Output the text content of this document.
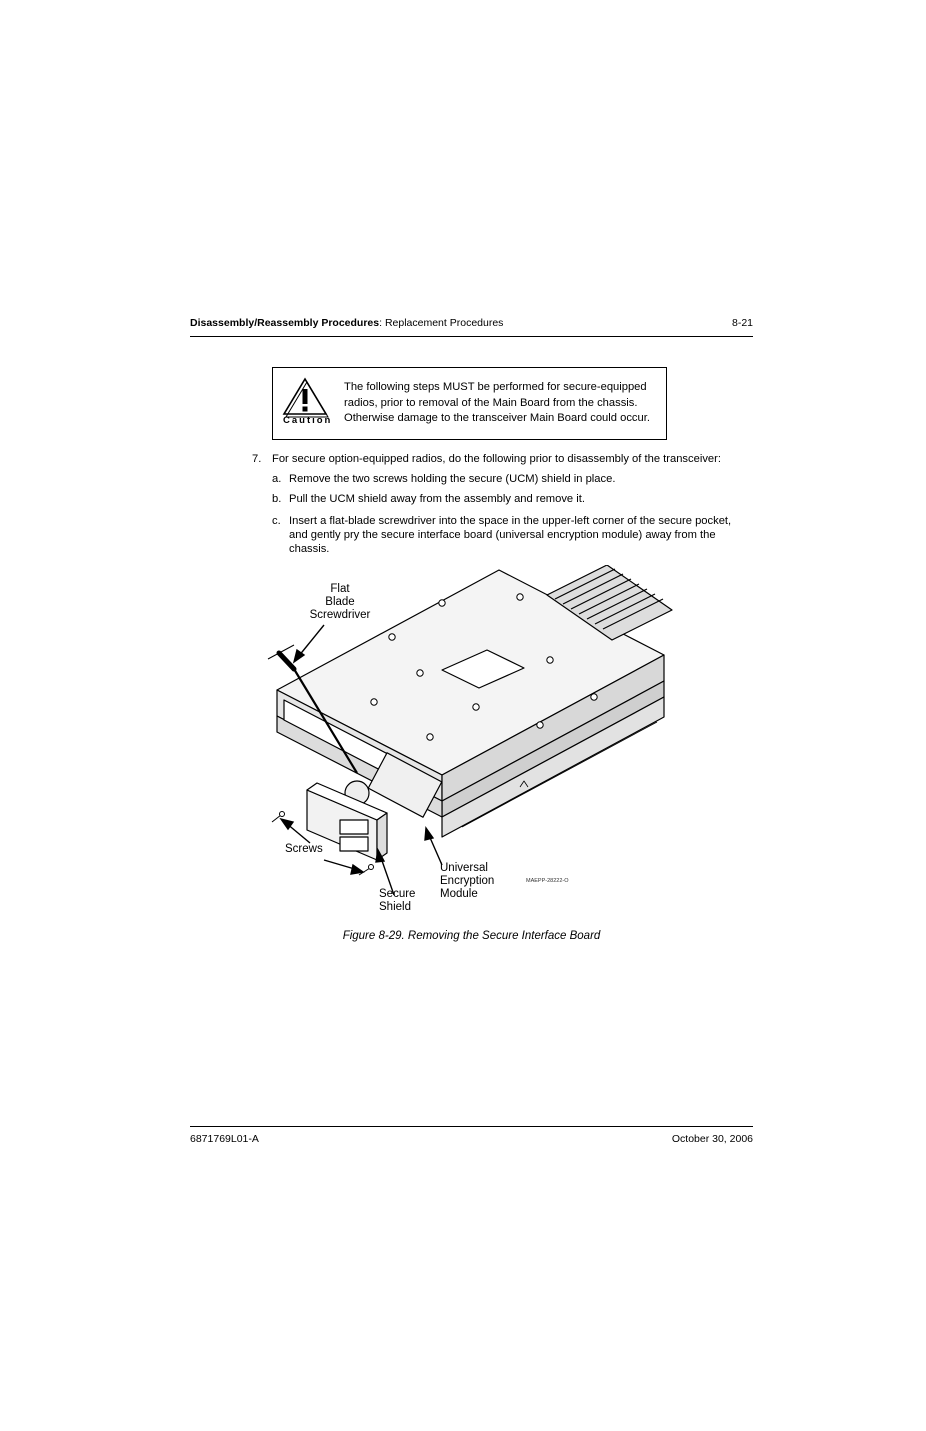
Disassembly/Reassembly Procedures: Replacement Procedures	8-21
Caution
The following steps MUST be performed for secure-equipped
radios, prior to removal of the Main Board from the chassis.
Otherwise damage to the transceiver Main Board could occur.
7. For secure option-equipped radios, do the following prior to disassembly of the transceiver:
a. Remove the two screws holding the secure (UCM) shield in place.
b. Pull the UCM shield away from the assembly and remove it.
c. Insert a flat-blade screwdriver into the space in the upper-left corner of the secure pocket,
and gently pry the secure interface board (universal encryption module) away from the
chassis.
Flat
Blade
Screwdriver
Screws
Secure
Shield
Universal
Encryption
Module
MAEPP-28222-O
Figure 8-29. Removing the Secure Interface Board
6871769L01-A	October 30, 2006
